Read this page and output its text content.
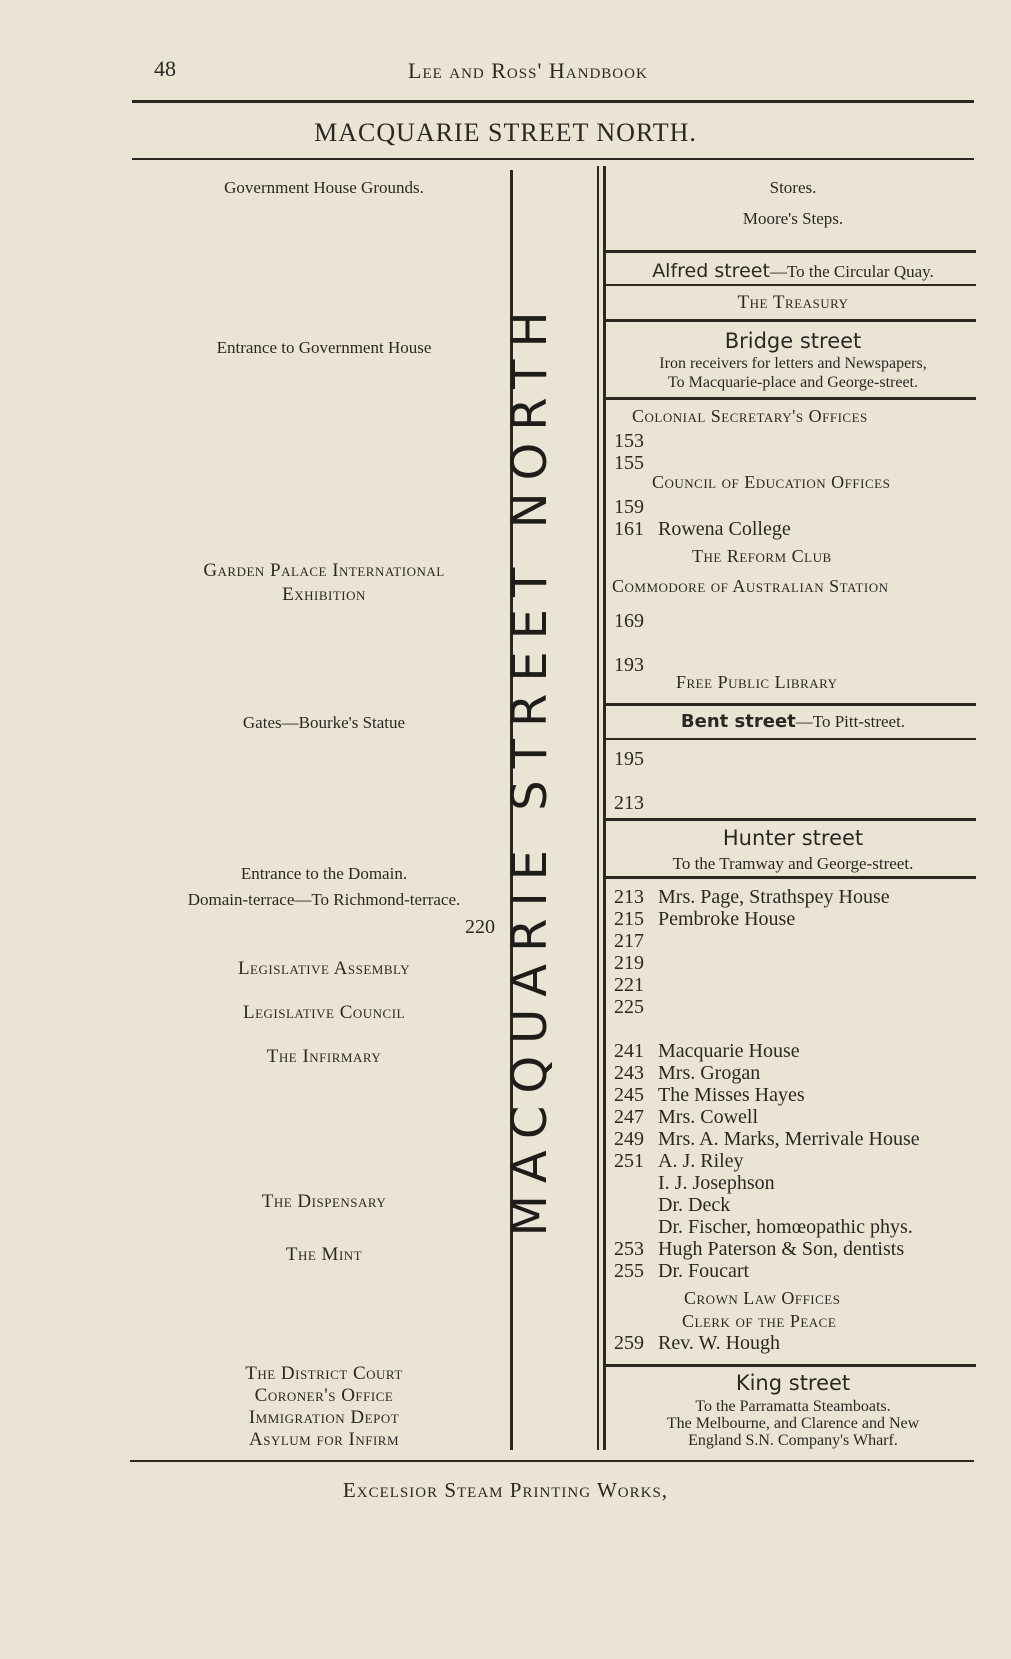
48	Lee and Ross' Handbook
MACQUARIE STREET NORTH.
MACQUARIE STREET NORTH
Government House Grounds.
Entrance to Government House
Garden Palace International
Exhibition
Gates—Bourke's Statue
Entrance to the Domain.
Domain-terrace—To Richmond-terrace.
220
Legislative Assembly
Legislative Council
The Infirmary
The Dispensary
The Mint
The District Court
Coroner's Office
Immigration Depot
Asylum for Infirm
Stores.
Moore's Steps.
Alfred street—To the Circular Quay.
The Treasury
Bridge street
Iron receivers for letters and Newspapers,
To Macquarie-place and George-street.
Colonial Secretary's Offices
153
155
Council of Education Offices
159
161 Rowena College
The Reform Club
Commodore of Australian Station
169
193
Free Public Library
Bent street—To Pitt-street.
195
213
Hunter street
To the Tramway and George-street.
213 Mrs. Page, Strathspey House
215 Pembroke House
217
219
221
225
241 Macquarie House
243 Mrs. Grogan
245 The Misses Hayes
247 Mrs. Cowell
249 Mrs. A. Marks, Merrivale House
251 A. J. Riley
I. J. Josephson
Dr. Deck
Dr. Fischer, homœopathic phys.
253 Hugh Paterson & Son, dentists
255 Dr. Foucart
Crown Law Offices
Clerk of the Peace
259 Rev. W. Hough
King street
To the Parramatta Steamboats.
The Melbourne, and Clarence and New
England S.N. Company's Wharf.
Excelsior Steam Printing Works,
